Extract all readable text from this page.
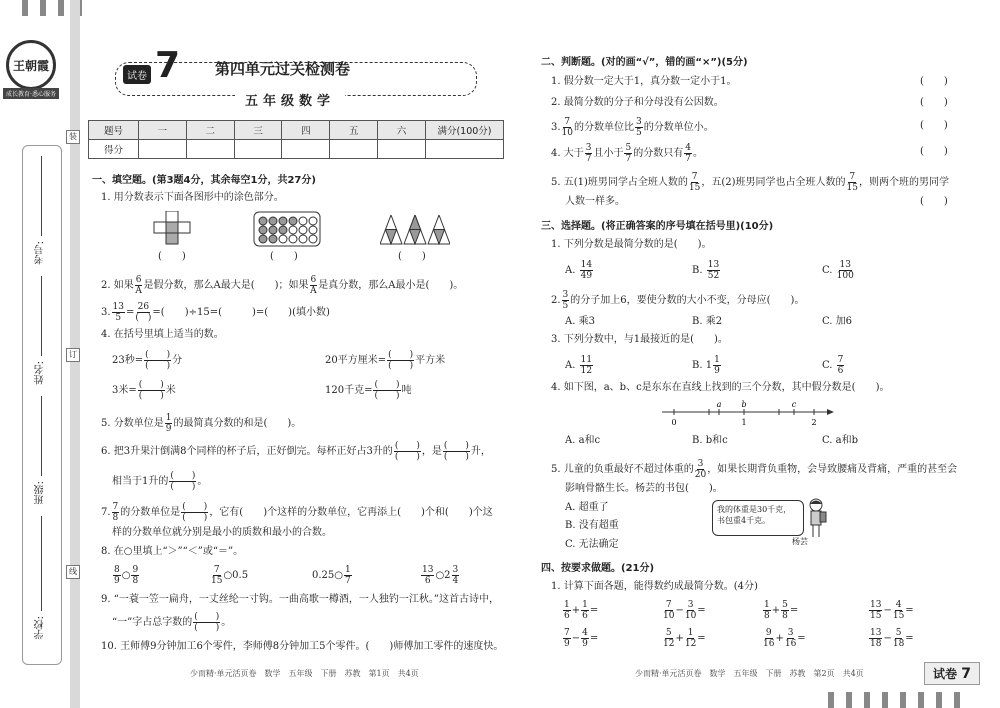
王朝霞
成长教育·悉心服务
考号:
姓名:
班级:
学校:
装
订
线
试卷 7 第四单元过关检测卷
五年级数学
题号	一	二	三	四	五	六	满分(100分)
得分							
一、填空题。(第3题4分，其余每空1分，共27分)
1. 用分数表示下面各图形中的涂色部分。
(　　)	(　　)	(　　)
2. 如果 $\frac{6}{A}$ 是假分数，那么A最大是(　　)；如果 $\frac{6}{A}$ 是真分数，那么A最小是(　　)。
3. $\frac{13}{5} = \frac{26}{( )}$ =(　　)÷15=(　　　)=(　　)(填小数)
4. 在括号里填上适当的数。
23秒= $\frac{( )}{( )}$ 分	20平方厘米= $\frac{( )}{( )}$ 平方米
3米= $\frac{( )}{( )}$ 米	120千克= $\frac{( )}{( )}$ 吨
5. 分数单位是 $\frac{1}{9}$ 的最简真分数的和是(　　)。
6. 把3升果汁倒满8个同样的杯子后，正好倒完。每杯正好占3升的 $\frac{( )}{( )}$ ，是 $\frac{( )}{( )}$ 升，
相当于1升的 $\frac{( )}{( )}$ 。
7. $\frac{7}{8}$ 的分数单位是 $\frac{( )}{( )}$ ，它有(　　)个这样的分数单位，它再添上(　　)个和(　　)个这
样的分数单位就分别是最小的质数和最小的合数。
8. 在○里填上“＞”“＜”或“＝”。
$\frac{8}{9}$ ○ $\frac{9}{8}$	$\frac{7}{15}$ ○0.5	0.25○ $\frac{1}{7}$	$\frac{13}{6}$ ○2 $\frac{3}{4}$
9. “一蓑一笠一扁舟，一丈丝纶一寸钩。一曲高歌一樽酒，一人独钓一江秋。”这首古诗中，
“一”字占总字数的 $\frac{( )}{( )}$ 。
10. 王师傅9分钟加工6个零件，李师傅8分钟加工5个零件。(　　)师傅加工零件的速度快。
少而精·单元活页卷　数学　五年级　下册　苏教　第1页　共4页
二、判断题。(对的画“√”，错的画“×”)(5分)
1. 假分数一定大于1，真分数一定小于1。	(　　)
2. 最简分数的分子和分母没有公因数。	(　　)
3. $\frac{7}{10}$ 的分数单位比 $\frac{3}{5}$ 的分数单位小。	(　　)
4. 大于 $\frac{3}{7}$ 且小于 $\frac{5}{7}$ 的分数只有 $\frac{4}{7}$ 。	(　　)
5. 五(1)班男同学占全班人数的 $\frac{7}{15}$ ，五(2)班男同学也占全班人数的 $\frac{7}{15}$ ，则两个班的男同学
人数一样多。	(　　)
三、选择题。(将正确答案的序号填在括号里)(10分)
1. 下列分数是最简分数的是(　　)。
A. $\frac{14}{49}$	B. $\frac{13}{52}$	C. $\frac{13}{100}$
2. $\frac{3}{5}$ 的分子加上6，要使分数的大小不变，分母应(　　)。
A. 乘3	B. 乘2	C. 加6
3. 下列分数中，与1最接近的是(　　)。
A. $\frac{11}{12}$	B. $1 \frac{1}{9}$	C. $\frac{7}{6}$
4. 如下图，a、b、c是东东在直线上找到的三个分数，其中假分数是(　　)。
a	b	c
0	1	2
A. a和c	B. b和c	C. a和b
5. 儿童的负重最好不超过体重的 $\frac{3}{20}$ ，如果长期背负重物，会导致腰痛及背痛，严重的甚至会
影响骨骼生长。杨芸的书包(　　)。
A. 超重了
B. 没有超重
C. 无法确定
我的体重是30千克，书包重4千克。
杨芸
四、按要求做题。(21分)
1. 计算下面各题，能得数约成最简分数。(4分)
$\frac{1}{6} + \frac{1}{6}$ =	$\frac{7}{10} - \frac{3}{10}$ =	$\frac{1}{8} + \frac{5}{8}$ =	$\frac{13}{15} - \frac{4}{15}$ =
$\frac{7}{9} - \frac{4}{9}$ =	$\frac{5}{12} + \frac{1}{12}$ =	$\frac{9}{16} + \frac{3}{16}$ =	$\frac{13}{18} - \frac{5}{18}$ =
少而精·单元活页卷　数学　五年级　下册　苏教　第2页　共4页	试卷 7
